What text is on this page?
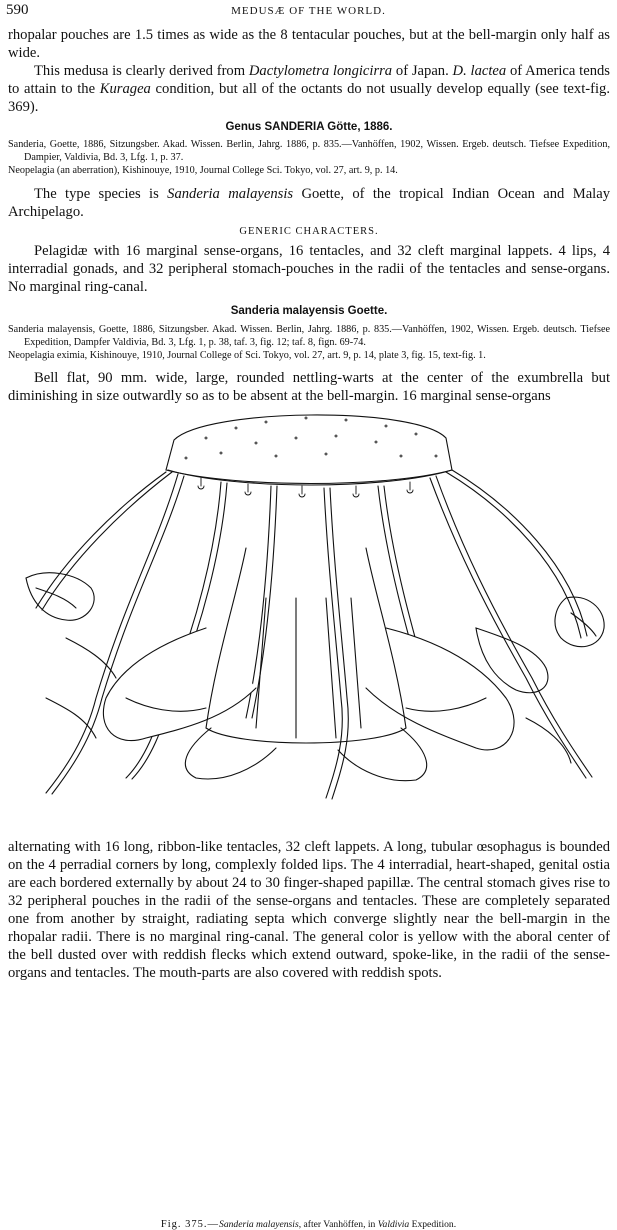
590	MEDUSÆ OF THE WORLD.

rhopalar pouches are 1.5 times as wide as the 8 tentacular pouches, but at the bell-margin only half as wide.

This medusa is clearly derived from Dactylometra longicirra of Japan. D. lactea of America tends to attain to the Kuragea condition, but all of the octants do not usually develop equally (see text-fig. 369).

Genus SANDERIA Götte, 1886.

Sanderia, Goette, 1886, Sitzungsber. Akad. Wissen. Berlin, Jahrg. 1886, p. 835.—Vanhöffen, 1902, Wissen. Ergeb. deutsch. Tiefsee Expedition, Dampier, Valdivia, Bd. 3, Lfg. 1, p. 37.

Neopelagia (an aberration), Kishinouye, 1910, Journal College Sci. Tokyo, vol. 27, art. 9, p. 14.

The type species is Sanderia malayensis Goette, of the tropical Indian Ocean and Malay Archipelago.

GENERIC CHARACTERS.

Pelagidæ with 16 marginal sense-organs, 16 tentacles, and 32 cleft marginal lappets. 4 lips, 4 interradial gonads, and 32 peripheral stomach-pouches in the radii of the tentacles and sense-organs. No marginal ring-canal.

Sanderia malayensis Goette.

Sanderia malayensis, Goette, 1886, Sitzungsber. Akad. Wissen. Berlin, Jahrg. 1886, p. 835.—Vanhöffen, 1902, Wissen. Ergeb. deutsch. Tiefsee Expedition, Dampfer Valdivia, Bd. 3, Lfg. 1, p. 38, taf. 3, fig. 12; taf. 8, fign. 69-74.

Neopelagia eximia, Kishinouye, 1910, Journal College of Sci. Tokyo, vol. 27, art. 9, p. 14, plate 3, fig. 15, text-fig. 1.

Bell flat, 90 mm. wide, large, rounded nettling-warts at the center of the exumbrella but diminishing in size outwardly so as to be absent at the bell-margin. 16 marginal sense-organs

Fig. 375.—Sanderia malayensis, after Vanhöffen, in Valdivia Expedition.

alternating with 16 long, ribbon-like tentacles, 32 cleft lappets. A long, tubular œsophagus is bounded on the 4 perradial corners by long, complexly folded lips. The 4 interradial, heart-shaped, genital ostia are each bordered externally by about 24 to 30 finger-shaped papillæ. The central stomach gives rise to 32 peripheral pouches in the radii of the sense-organs and tentacles. These are completely separated one from another by straight, radiating septa which converge slightly near the bell-margin in the rhopalar radii. There is no marginal ring-canal. The general color is yellow with the aboral center of the bell dusted over with reddish flecks which extend outward, spoke-like, in the radii of the sense-organs and tentacles. The mouth-parts are also covered with reddish spots.
